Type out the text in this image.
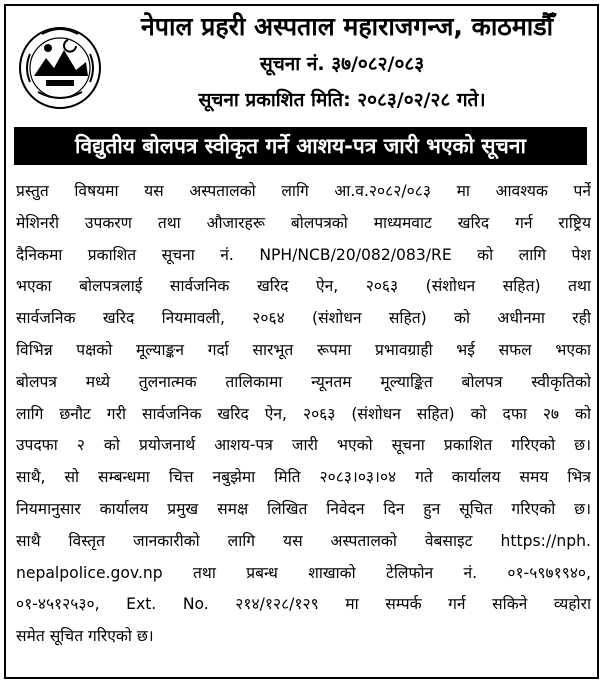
नेपाल प्रहरी अस्पताल महाराजगन्ज, काठमाडौँ
सूचना नं. ३७/०८२/०८३
सूचना प्रकाशित मिति: २०८३/०२/२८ गते।
विद्युतीय बोलपत्र स्वीकृत गर्ने आशय-पत्र जारी भएको सूचना
प्रस्तुत विषयमा यस अस्पतालको लागि आ.व.२०८२/०८३ मा आवश्यक पर्ने
मेशिनरी उपकरण तथा औजारहरू बोलपत्रको माध्यमवाट खरिद गर्न राष्ट्रिय
दैनिकमा प्रकाशित सूचना नं. NPH/NCB/20/082/083/RE को लागि पेश
भएका बोलपत्रलाई सार्वजनिक खरिद ऐन, २०६३ (संशोधन सहित) तथा
सार्वजनिक खरिद नियमावली, २०६४ (संशोधन सहित) को अधीनमा रही
विभिन्न पक्षको मूल्याङ्कन गर्दा सारभूत रूपमा प्रभावग्राही भई सफल भएका
बोलपत्र मध्ये तुलनात्मक तालिकामा न्यूनतम मूल्याङ्कित बोलपत्र स्वीकृतिको
लागि छनौट गरी सार्वजनिक खरिद ऐन, २०६३ (संशोधन सहित) को दफा २७ को
उपदफा २ को प्रयोजनार्थ आशय-पत्र जारी भएको सूचना प्रकाशित गरिएको छ।
साथै, सो सम्बन्धमा चित्त नबुझेमा मिति २०८३।०३।०४ गते कार्यालय समय भित्र
नियमानुसार कार्यालय प्रमुख समक्ष लिखित निवेदन दिन हुन सूचित गरिएको छ।
साथै विस्तृत जानकारीको लागि यस अस्पतालको वेबसाइट https://nph.
nepalpolice.gov.np तथा प्रबन्ध शाखाको टेलिफोन नं. ०१-५९७१९४०,
०१-४५१२५३०, Ext. No. २१४/१२८/१२९ मा सम्पर्क गर्न सकिने व्यहोरा
समेत सूचित गरिएको छ।
